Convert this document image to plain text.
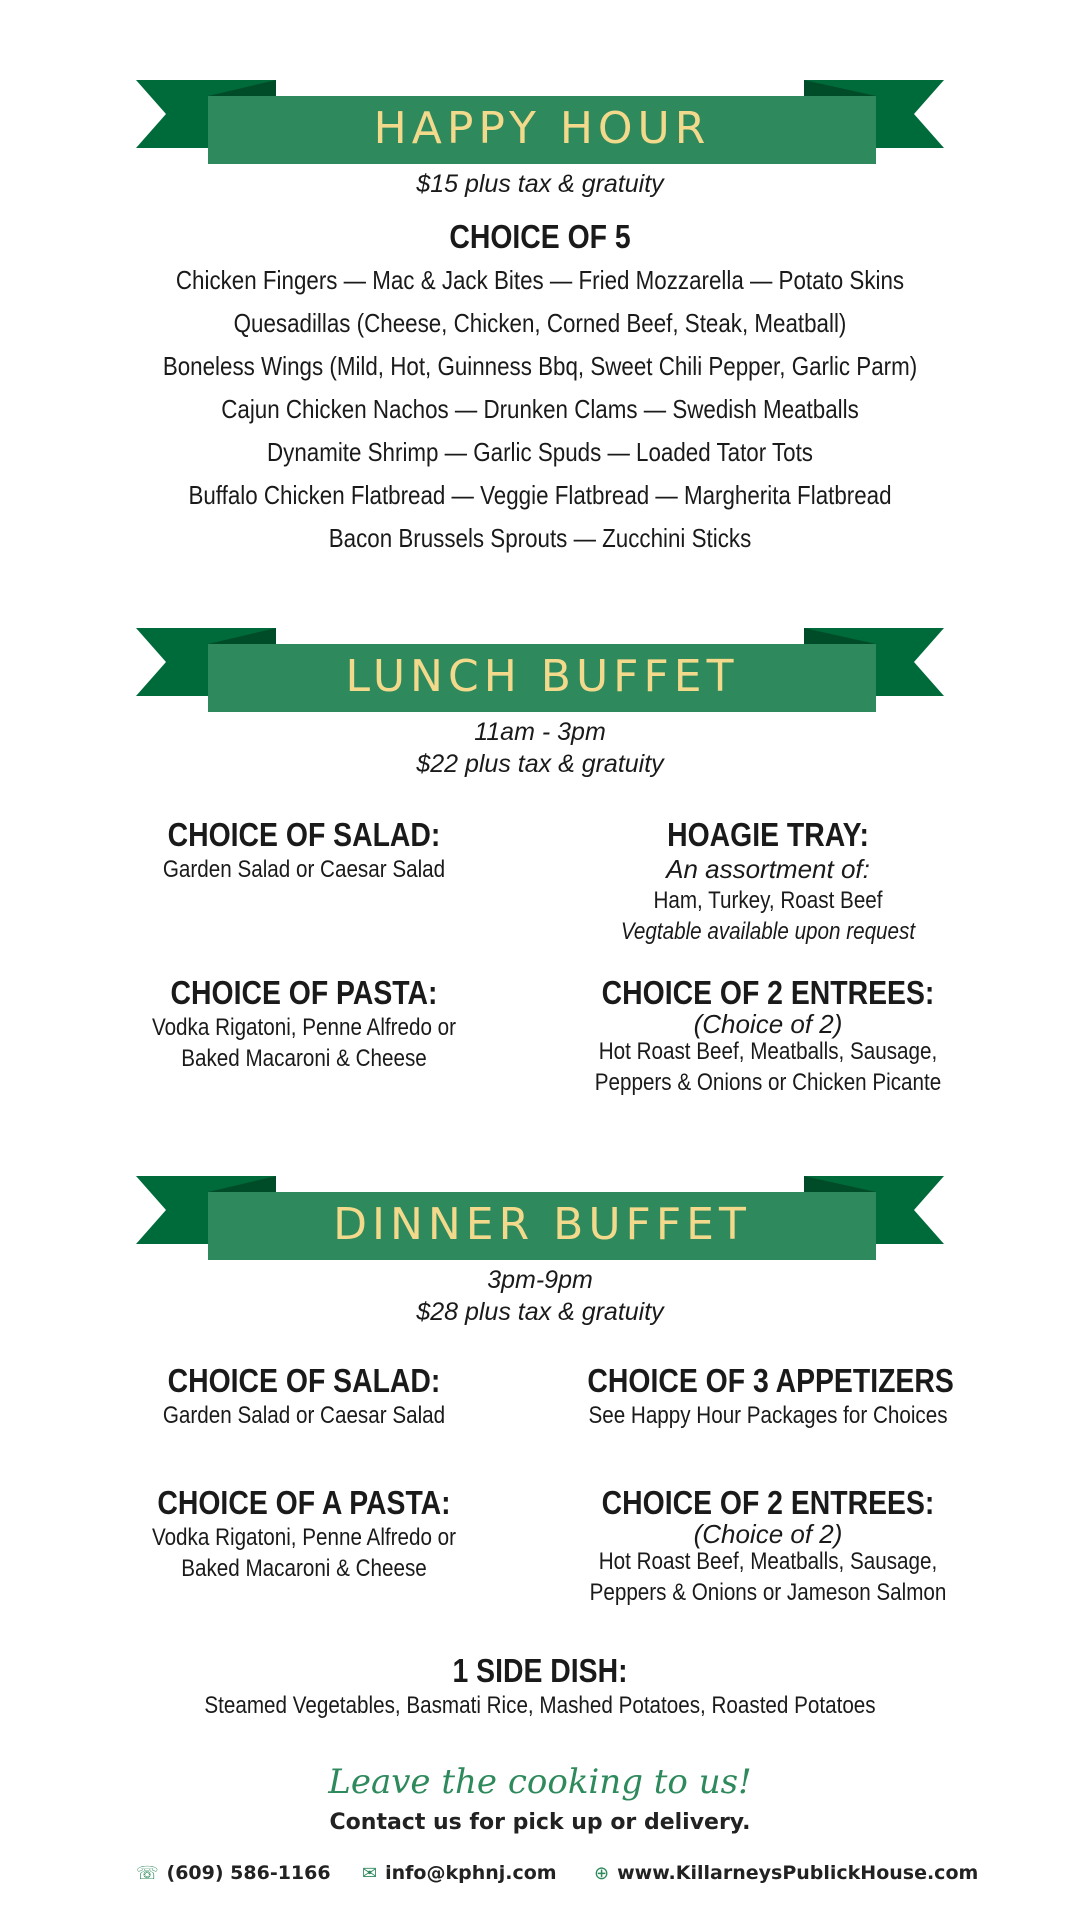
HAPPY HOUR
$15 plus tax & gratuity
CHOICE OF 5
Chicken Fingers — Mac & Jack Bites — Fried Mozzarella — Potato Skins
Quesadillas (Cheese, Chicken, Corned Beef, Steak, Meatball)
Boneless Wings (Mild, Hot, Guinness Bbq, Sweet Chili Pepper, Garlic Parm)
Cajun Chicken Nachos — Drunken Clams — Swedish Meatballs
Dynamite Shrimp — Garlic Spuds — Loaded Tator Tots
Buffalo Chicken Flatbread — Veggie Flatbread — Margherita Flatbread
Bacon Brussels Sprouts — Zucchini Sticks
LUNCH BUFFET
11am - 3pm
$22 plus tax & gratuity
CHOICE OF SALAD:
Garden Salad or Caesar Salad
HOAGIE TRAY:
An assortment of:
Ham, Turkey, Roast Beef
Vegtable available upon request
CHOICE OF PASTA:
Vodka Rigatoni, Penne Alfredo or
Baked Macaroni & Cheese
CHOICE OF 2 ENTREES:
(Choice of 2)
Hot Roast Beef, Meatballs, Sausage,
Peppers & Onions or Chicken Picante
DINNER BUFFET
3pm-9pm
$28 plus tax & gratuity
CHOICE OF SALAD:
Garden Salad or Caesar Salad
CHOICE OF 3 APPETIZERS
See Happy Hour Packages for Choices
CHOICE OF A PASTA:
Vodka Rigatoni, Penne Alfredo or
Baked Macaroni & Cheese
CHOICE OF 2 ENTREES:
(Choice of 2)
Hot Roast Beef, Meatballs, Sausage,
Peppers & Onions or Jameson Salmon
1 SIDE DISH:
Steamed Vegetables, Basmati Rice, Mashed Potatoes, Roasted Potatoes
Leave the cooking to us!
Contact us for pick up or delivery.
☏ (609) 586-1166 ✉ info@kphnj.com ⊕ www.KillarneysPublickHouse.com
